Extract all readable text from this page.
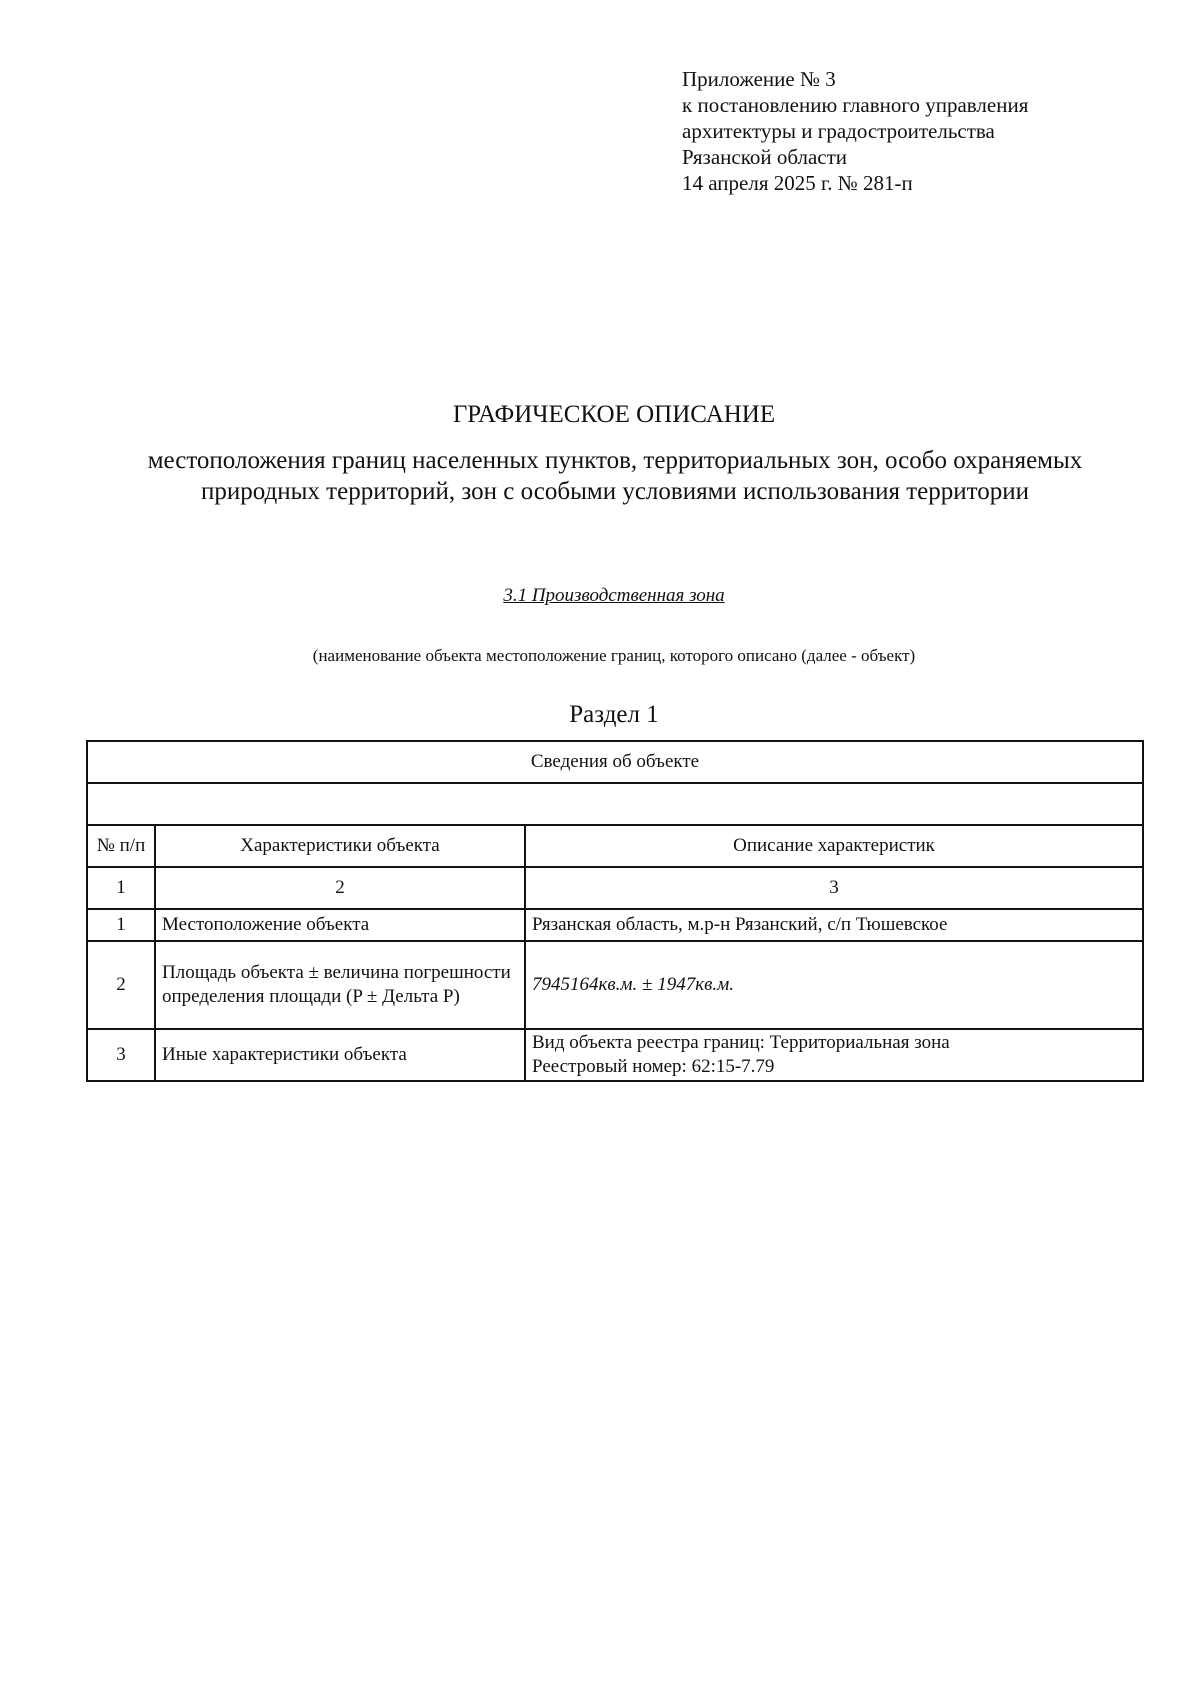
Приложение № 3
к постановлению главного управления
архитектуры и градостроительства
Рязанской области
14 апреля 2025 г. № 281-п
ГРАФИЧЕСКОЕ ОПИСАНИЕ
местоположения границ населенных пунктов, территориальных зон, особо охраняемых природных территорий, зон с особыми условиями использования территории
3.1 Производственная зона
(наименование объекта местоположение границ, которого описано (далее - объект)
Раздел 1
Сведения об объекте		

№ п/п	Характеристики объекта	Описание характеристик
1	2	3
1	Местоположение объекта	Рязанская область, м.р-н Рязанский, с/п Тюшевское
2	Площадь объекта ± величина погрешности определения площади (P ± Дельта P)	7945164кв.м. ± 1947кв.м.
3	Иные характеристики объекта	Вид объекта реестра границ: Территориальная зона
Реестровый номер: 62:15-7.79
